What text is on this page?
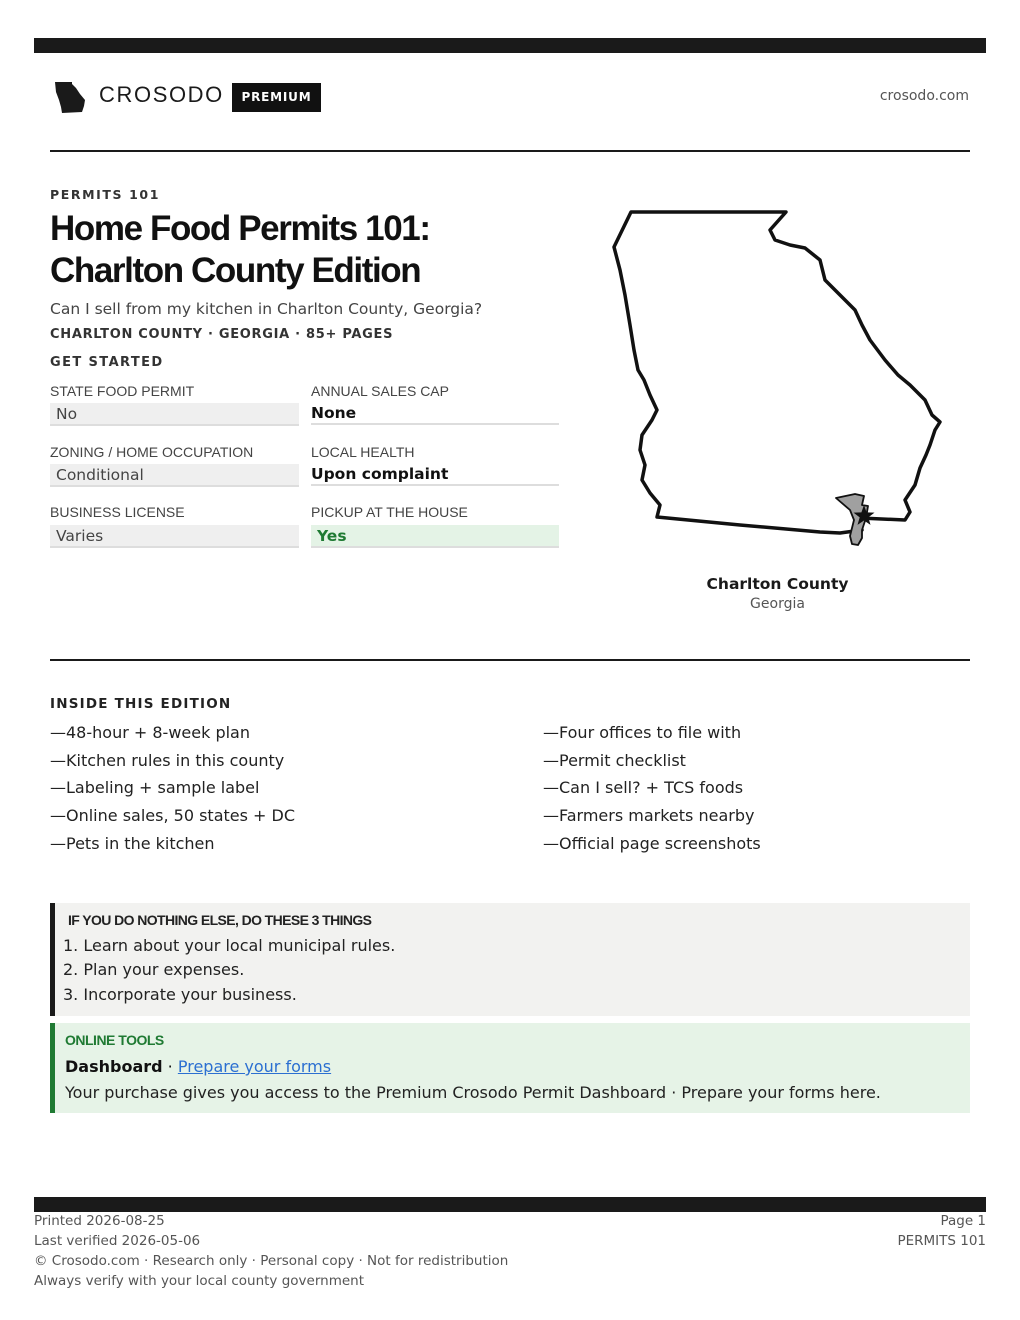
CROSODO	PREMIUM	crosodo.com
PERMITS 101
Home Food Permits 101:
Charlton County Edition
Can I sell from my kitchen in Charlton County, Georgia?
CHARLTON COUNTY · GEORGIA · 85+ PAGES
GET STARTED
STATE FOOD PERMIT
No
ANNUAL SALES CAP
None
ZONING / HOME OCCUPATION
Conditional
LOCAL HEALTH
Upon complaint
BUSINESS LICENSE
Varies
PICKUP AT THE HOUSE
Yes
Charlton County
Georgia
INSIDE THIS EDITION
—48-hour + 8-week plan
—Kitchen rules in this county
—Labeling + sample label
—Online sales, 50 states + DC
—Pets in the kitchen
—Four offices to file with
—Permit checklist
—Can I sell? + TCS foods
—Farmers markets nearby
—Official page screenshots
IF YOU DO NOTHING ELSE, DO THESE 3 THINGS
1. Learn about your local municipal rules.
2. Plan your expenses.
3. Incorporate your business.
ONLINE TOOLS
Dashboard · Prepare your forms
Your purchase gives you access to the Premium Crosodo Permit Dashboard · Prepare your forms here.
Printed 2026-08-25
Last verified 2026-05-06
© Crosodo.com · Research only · Personal copy · Not for redistribution
Always verify with your local county government
Page 1
PERMITS 101
